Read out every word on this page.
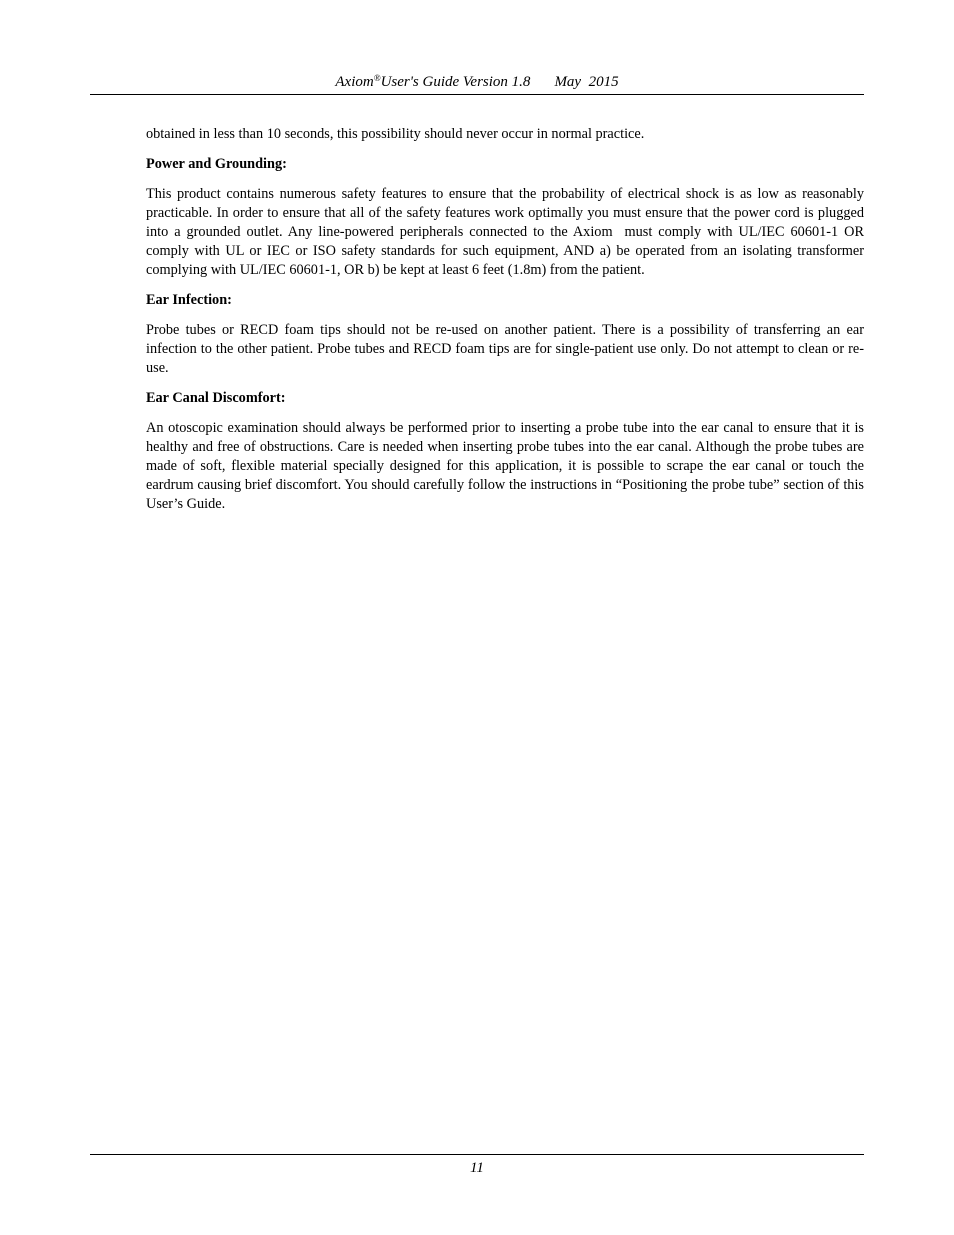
Axiom®User's Guide Version 1.8 May  2015

obtained in less than 10 seconds, this possibility should never occur in normal practice.

Power and Grounding:

This product contains numerous safety features to ensure that the probability of electrical shock is as low as reasonably practicable. In order to ensure that all of the safety features work optimally you must ensure that the power cord is plugged into a grounded outlet. Any line-powered peripherals connected to the Axiom  must comply with UL/IEC 60601-1 OR comply with UL or IEC or ISO safety standards for such equipment, AND a) be operated from an isolating transformer complying with UL/IEC 60601-1, OR b) be kept at least 6 feet (1.8m) from the patient.

Ear Infection:

Probe tubes or RECD foam tips should not be re-used on another patient. There is a possibility of transferring an ear infection to the other patient. Probe tubes and RECD foam tips are for single-patient use only. Do not attempt to clean or re-use.

Ear Canal Discomfort:

An otoscopic examination should always be performed prior to inserting a probe tube into the ear canal to ensure that it is healthy and free of obstructions. Care is needed when inserting probe tubes into the ear canal. Although the probe tubes are made of soft, flexible material specially designed for this application, it is possible to scrape the ear canal or touch the eardrum causing brief discomfort. You should carefully follow the instructions in “Positioning the probe tube” section of this User’s Guide.

11
